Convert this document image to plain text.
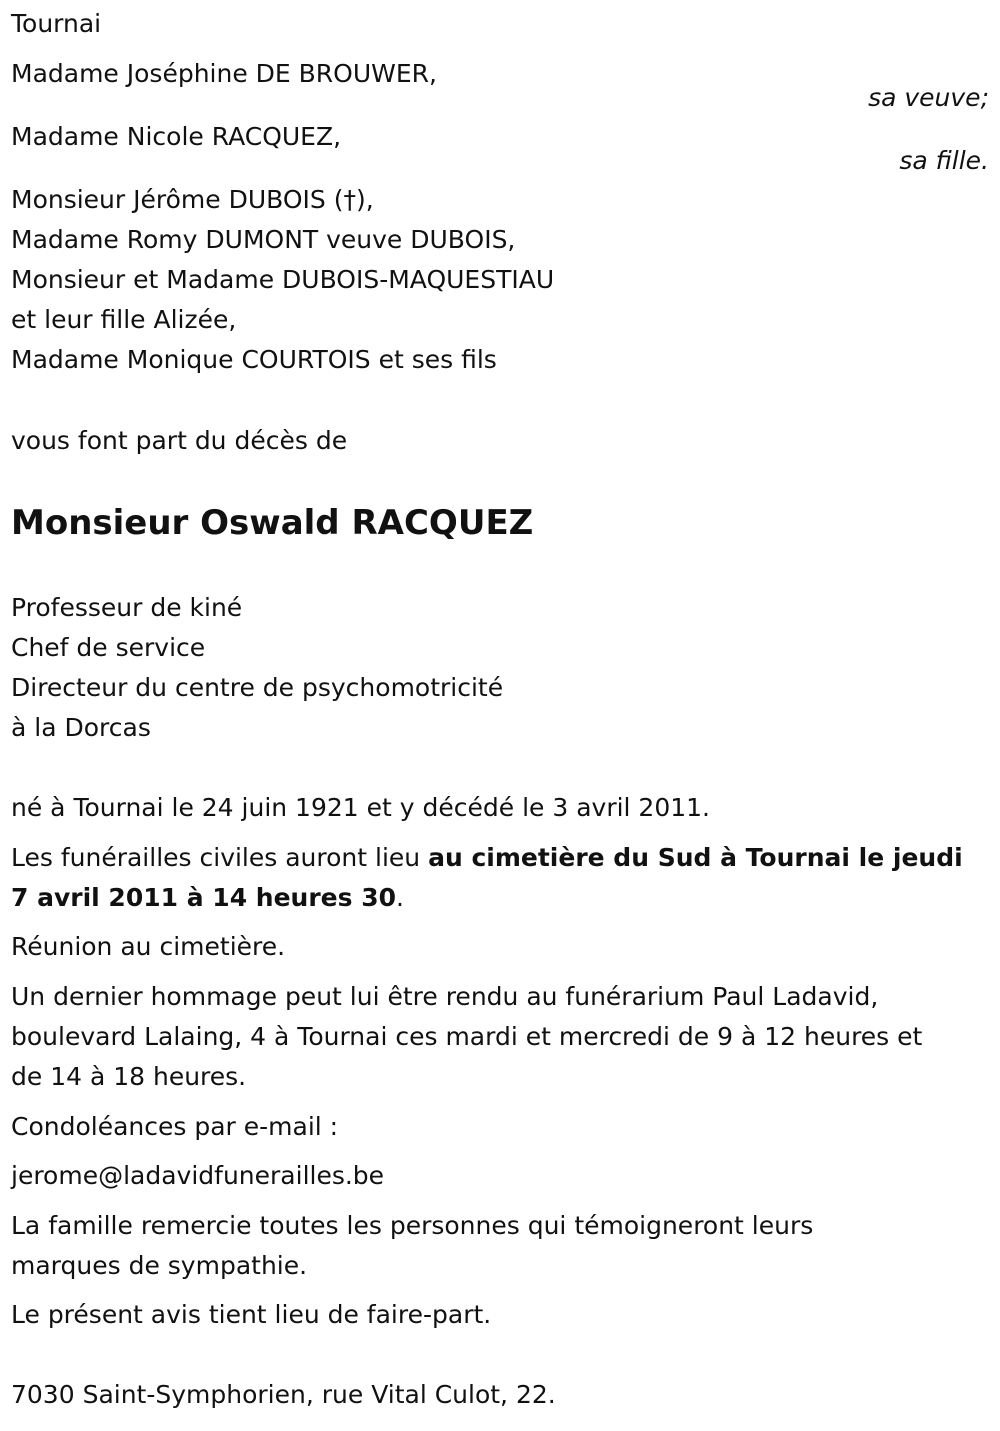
Tournai
Madame Joséphine DE BROUWER,
sa veuve;
Madame Nicole RACQUEZ,
sa fille.
Monsieur Jérôme DUBOIS (†),
Madame Romy DUMONT veuve DUBOIS,
Monsieur et Madame DUBOIS-MAQUESTIAU
et leur fille Alizée,
Madame Monique COURTOIS et ses fils
vous font part du décès de
Monsieur Oswald RACQUEZ
Professeur de kiné
Chef de service
Directeur du centre de psychomotricité
à la Dorcas
né à Tournai le 24 juin 1921 et y décédé le 3 avril 2011.
Les funérailles civiles auront lieu au cimetière du Sud à Tournai le jeudi
7 avril 2011 à 14 heures 30.
Réunion au cimetière.
Un dernier hommage peut lui être rendu au funérarium Paul Ladavid,
boulevard Lalaing, 4 à Tournai ces mardi et mercredi de 9 à 12 heures et
de 14 à 18 heures.
Condoléances par e-mail :
jerome@ladavidfunerailles.be
La famille remercie toutes les personnes qui témoigneront leurs
marques de sympathie.
Le présent avis tient lieu de faire-part.
7030 Saint-Symphorien, rue Vital Culot, 22.
